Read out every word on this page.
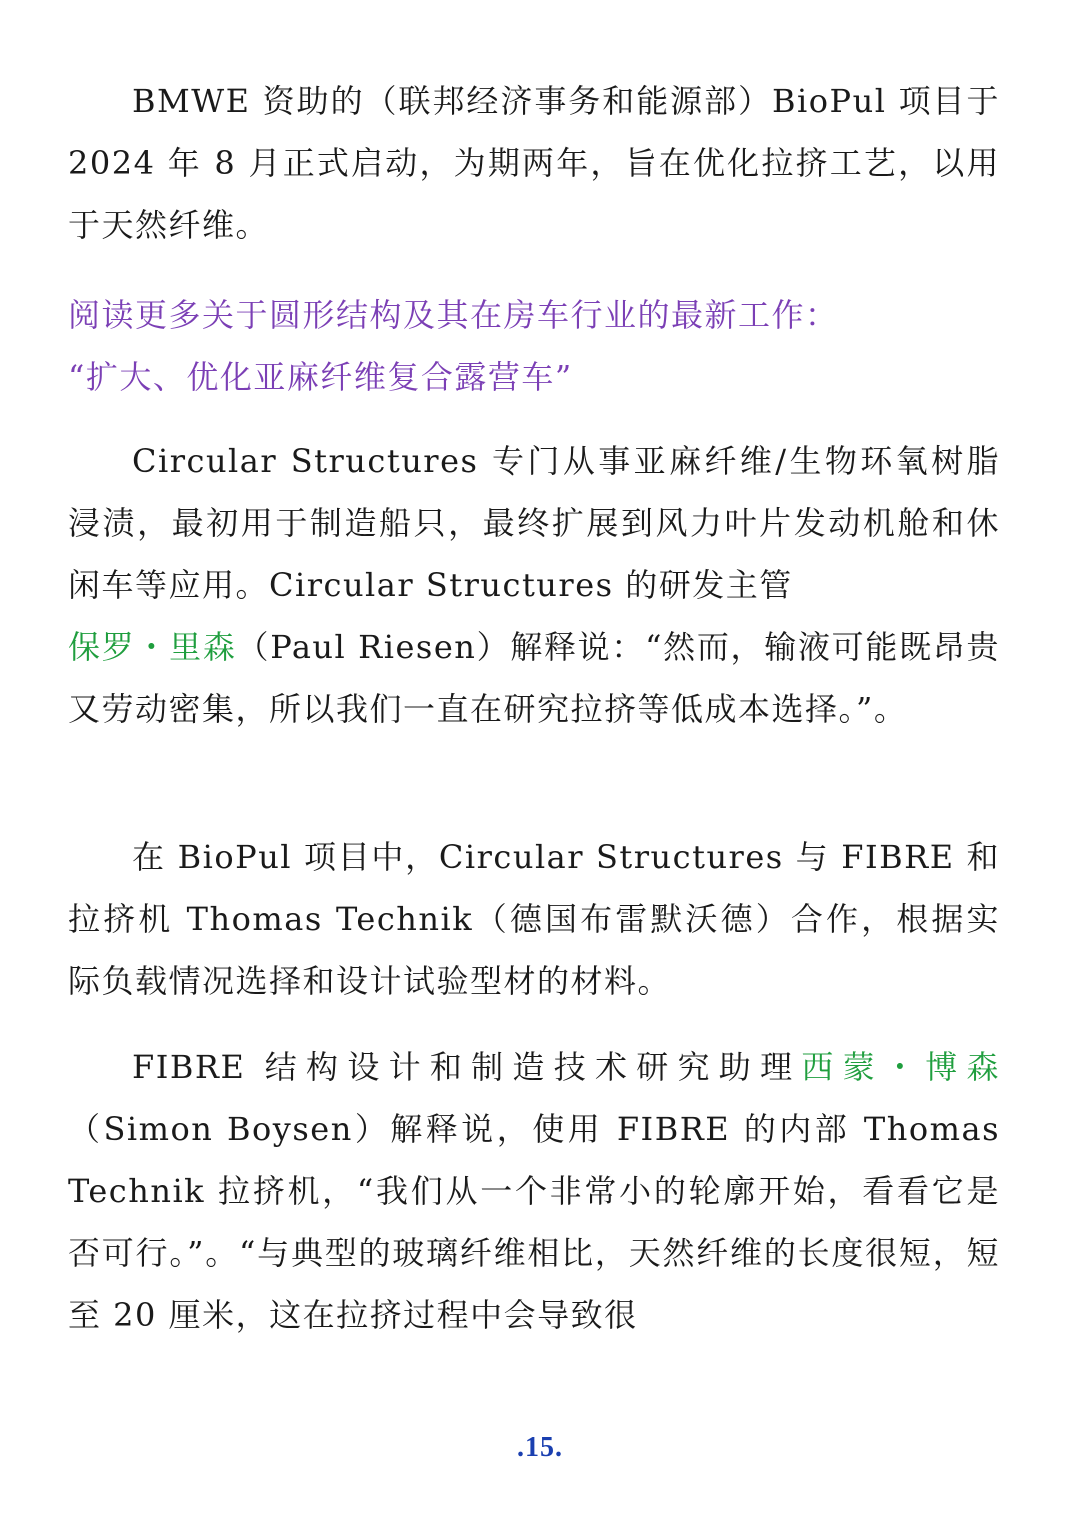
BMWE 资助的（联邦经济事务和能源部）BioPul 项目于 2024 年 8 月正式启动，为期两年，旨在优化拉挤工艺，以用于天然纤维。

阅读更多关于圆形结构及其在房车行业的最新工作：
“扩大、优化亚麻纤维复合露营车”

Circular Structures 专门从事亚麻纤维/生物环氧树脂浸渍，最初用于制造船只，最终扩展到风力叶片发动机舱和休闲车等应用。Circular Structures 的研发主管
保罗・里森（Paul Riesen）解释说：“然而，输液可能既昂贵又劳动密集，所以我们一直在研究拉挤等低成本选择。”。

在 BioPul 项目中，Circular Structures 与 FIBRE 和拉挤机 Thomas Technik（德国布雷默沃德）合作，根据实际负载情况选择和设计试验型材的材料。

FIBRE 结构设计和制造技术研究助理西蒙・博森（Simon Boysen）解释说，使用 FIBRE 的内部 Thomas Technik 拉挤机，“我们从一个非常小的轮廓开始，看看它是否可行。”。“与典型的玻璃纤维相比，天然纤维的长度很短，短至 20 厘米，这在拉挤过程中会导致很

.15.
